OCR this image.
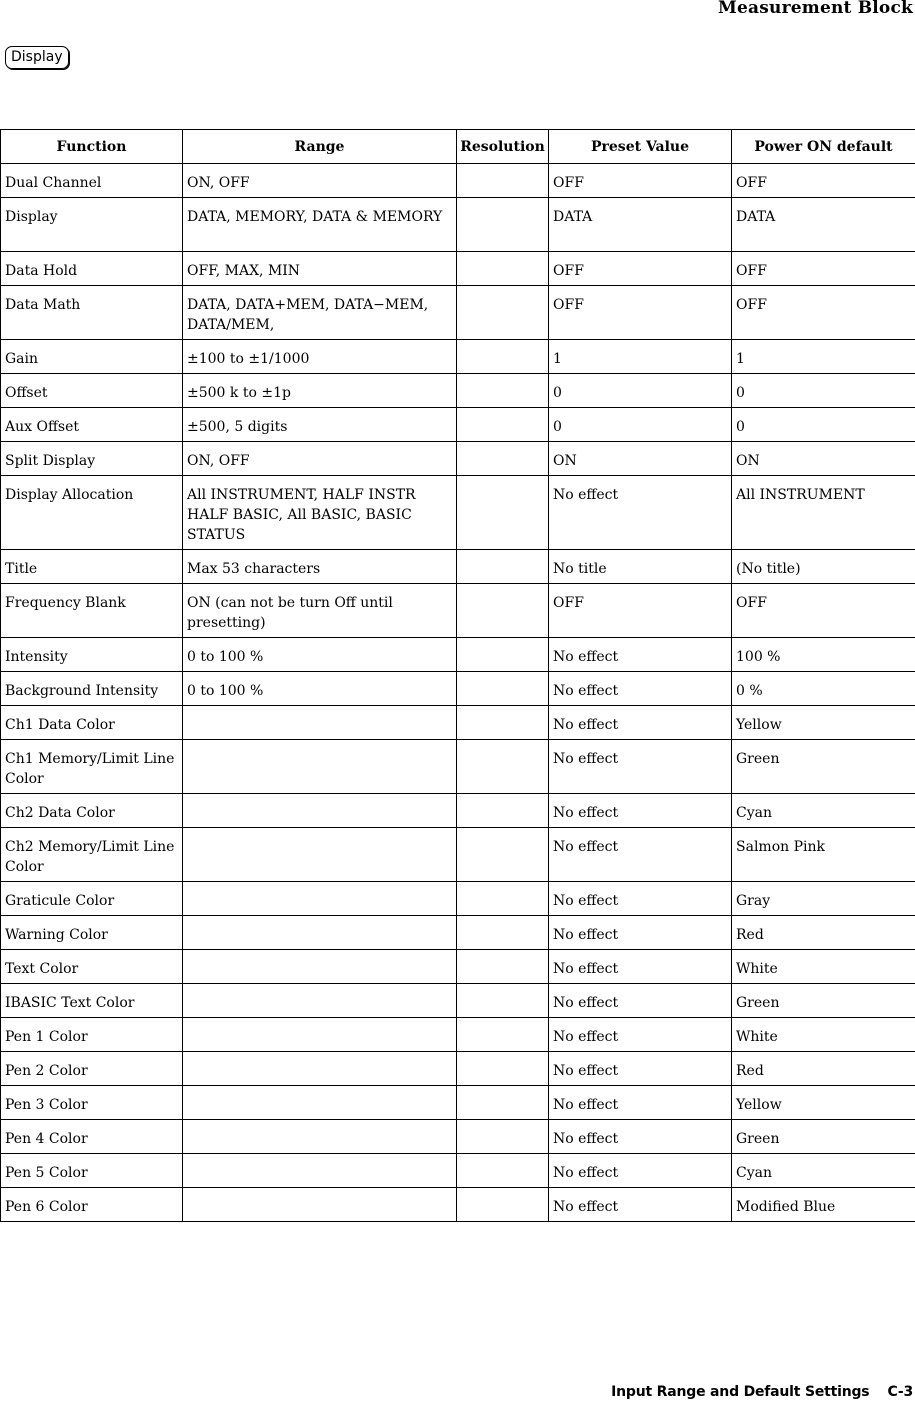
Measurement Block
Display
Function	Range	Resolution	Preset Value	Power ON default
Dual Channel	ON, OFF		OFF	OFF
Display	DATA, MEMORY, DATA & MEMORY		DATA	DATA
Data Hold	OFF, MAX, MIN		OFF	OFF
Data Math	DATA, DATA+MEM, DATA−MEM, DATA/MEM,		OFF	OFF
Gain	±100 to ±1/1000		1	1
Offset	±500 k to ±1p		0	0
Aux Offset	±500, 5 digits		0	0
Split Display	ON, OFF		ON	ON
Display Allocation	All INSTRUMENT, HALF INSTR HALF BASIC, All BASIC, BASIC STATUS		No effect	All INSTRUMENT
Title	Max 53 characters		No title	(No title)
Frequency Blank	ON (can not be turn Off until presetting)		OFF	OFF
Intensity	0 to 100 %		No effect	100 %
Background Intensity	0 to 100 %		No effect	0 %
Ch1 Data Color			No effect	Yellow
Ch1 Memory/Limit Line Color			No effect	Green
Ch2 Data Color			No effect	Cyan
Ch2 Memory/Limit Line Color			No effect	Salmon Pink
Graticule Color			No effect	Gray
Warning Color			No effect	Red
Text Color			No effect	White
IBASIC Text Color			No effect	Green
Pen 1 Color			No effect	White
Pen 2 Color			No effect	Red
Pen 3 Color			No effect	Yellow
Pen 4 Color			No effect	Green
Pen 5 Color			No effect	Cyan
Pen 6 Color			No effect	Modified Blue
Input Range and Default Settings C-3
